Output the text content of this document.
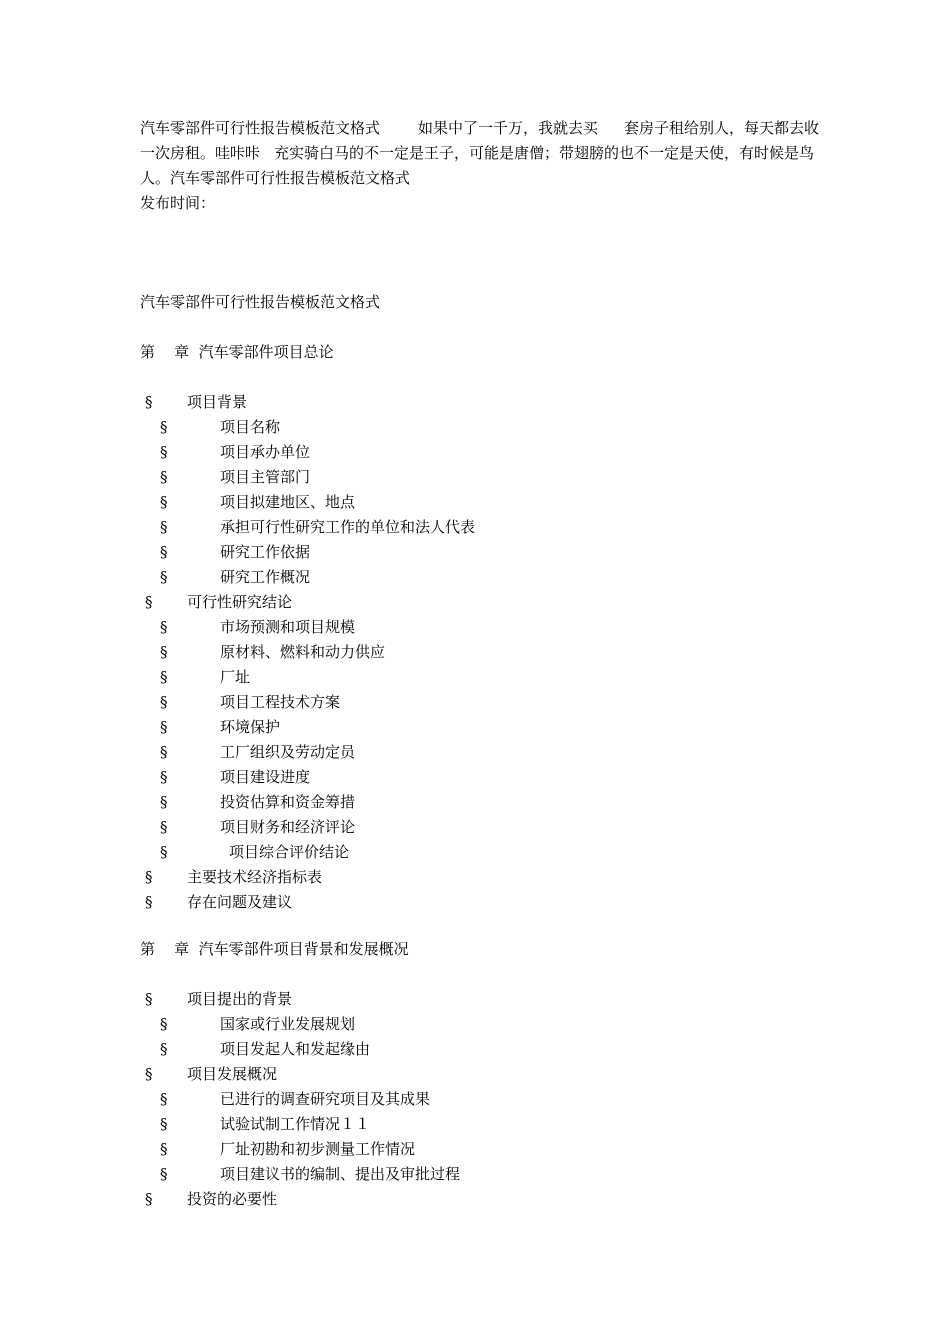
汽车零部件可行性报告模板范文格式	如果中了一千万，我就去买 套房子租给别人，每天都去收一次房租。哇咔咔 充实骑白马的不一定是王子，可能是唐僧；带翅膀的也不一定是天使，有时候是鸟人。汽车零部件可行性报告模板范文格式

发布时间：

汽车零部件可行性报告模板范文格式
第    章  汽车零部件项目总论
§ 项目背景
§	项目名称
§	项目承办单位
§	项目主管部门
§	项目拟建地区、地点
§	承担可行性研究工作的单位和法人代表
§	研究工作依据
§	研究工作概况
§ 可行性研究结论
§	市场预测和项目规模
§	原材料、燃料和动力供应
§	厂址
§	项目工程技术方案
§	环境保护
§	工厂组织及劳动定员
§	项目建设进度
§	投资估算和资金筹措
§	项目财务和经济评论
§	项目综合评价结论
§ 主要技术经济指标表
§ 存在问题及建议
第    章  汽车零部件项目背景和发展概况
§ 项目提出的背景
§	国家或行业发展规划
§	项目发起人和发起缘由
§ 项目发展概况
§	已进行的调查研究项目及其成果
§	试验试制工作情况１１
§	厂址初勘和初步测量工作情况
§	项目建议书的编制、提出及审批过程
§ 投资的必要性
